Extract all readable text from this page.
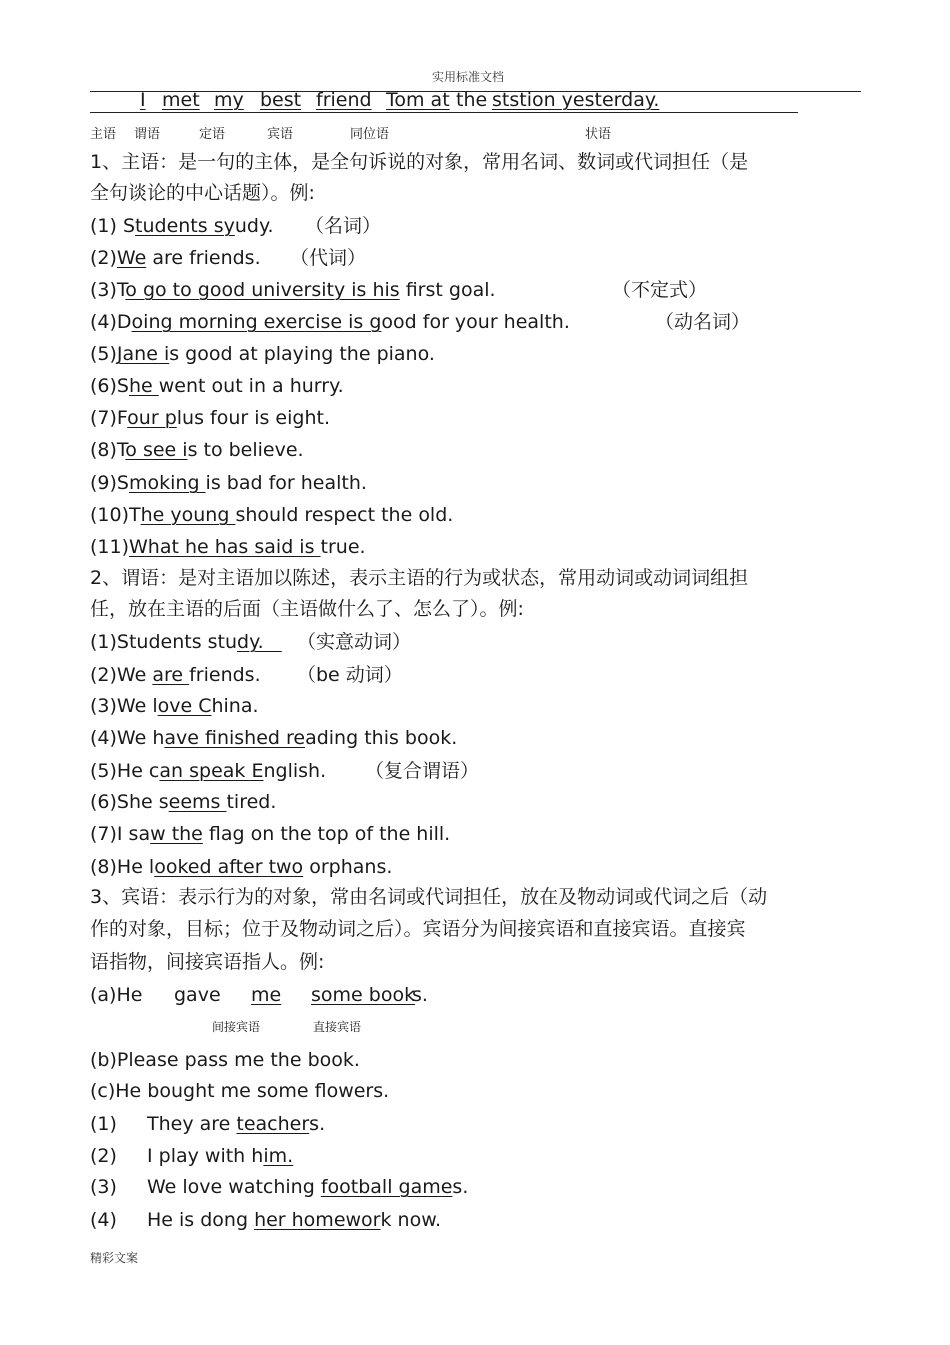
实用标准文档
I met my best friend Tom at the ststion yesterday.
主语 谓语	定语	宾语	同位语	状语
1、主语：是一句的主体，是全句诉说的对象，常用名词、数词或代词担任（是
全句谈论的中心话题）。例:
(1) Students syudy. （名词）
(2)We are friends. （代词）
(3)To go to good university is his first goal.	（不定式）
(4)Doing morning exercise is good for your health.	（动名词）
(5)Jane is good at playing the piano.
(6)She went out in a hurry.
(7)Four plus four is eight.
(8)To see is to believe.
(9)Smoking is bad for health.
(10)The young should respect the old.
(11)What he has said is true.
2、谓语：是对主语加以陈述，表示主语的行为或状态，常用动词或动词词组担
任，放在主语的后面（主语做什么了、怎么了）。例:
(1)Students study. （实意动词）
(2)We are friends. （be 动词）
(3)We love China.
(4)We have finished reading this book.
(5)He can speak English. （复合谓语）
(6)She seems tired.
(7)I saw the flag on the top of the hill.
(8)He looked after two orphans.
3、宾语：表示行为的对象，常由名词或代词担任，放在及物动词或代词之后（动
作的对象，目标；位于及物动词之后）。宾语分为间接宾语和直接宾语。直接宾
语指物，间接宾语指人。例:
(a)He gave me some book
s.
间接宾语	直接宾语
(b)Please pass me the book.
(c)He bought me some flowers.
(1) They are teachers.
(2) I play with him.
(3) We love watching football games.
(4) He is dong her homework now.
精彩文案
